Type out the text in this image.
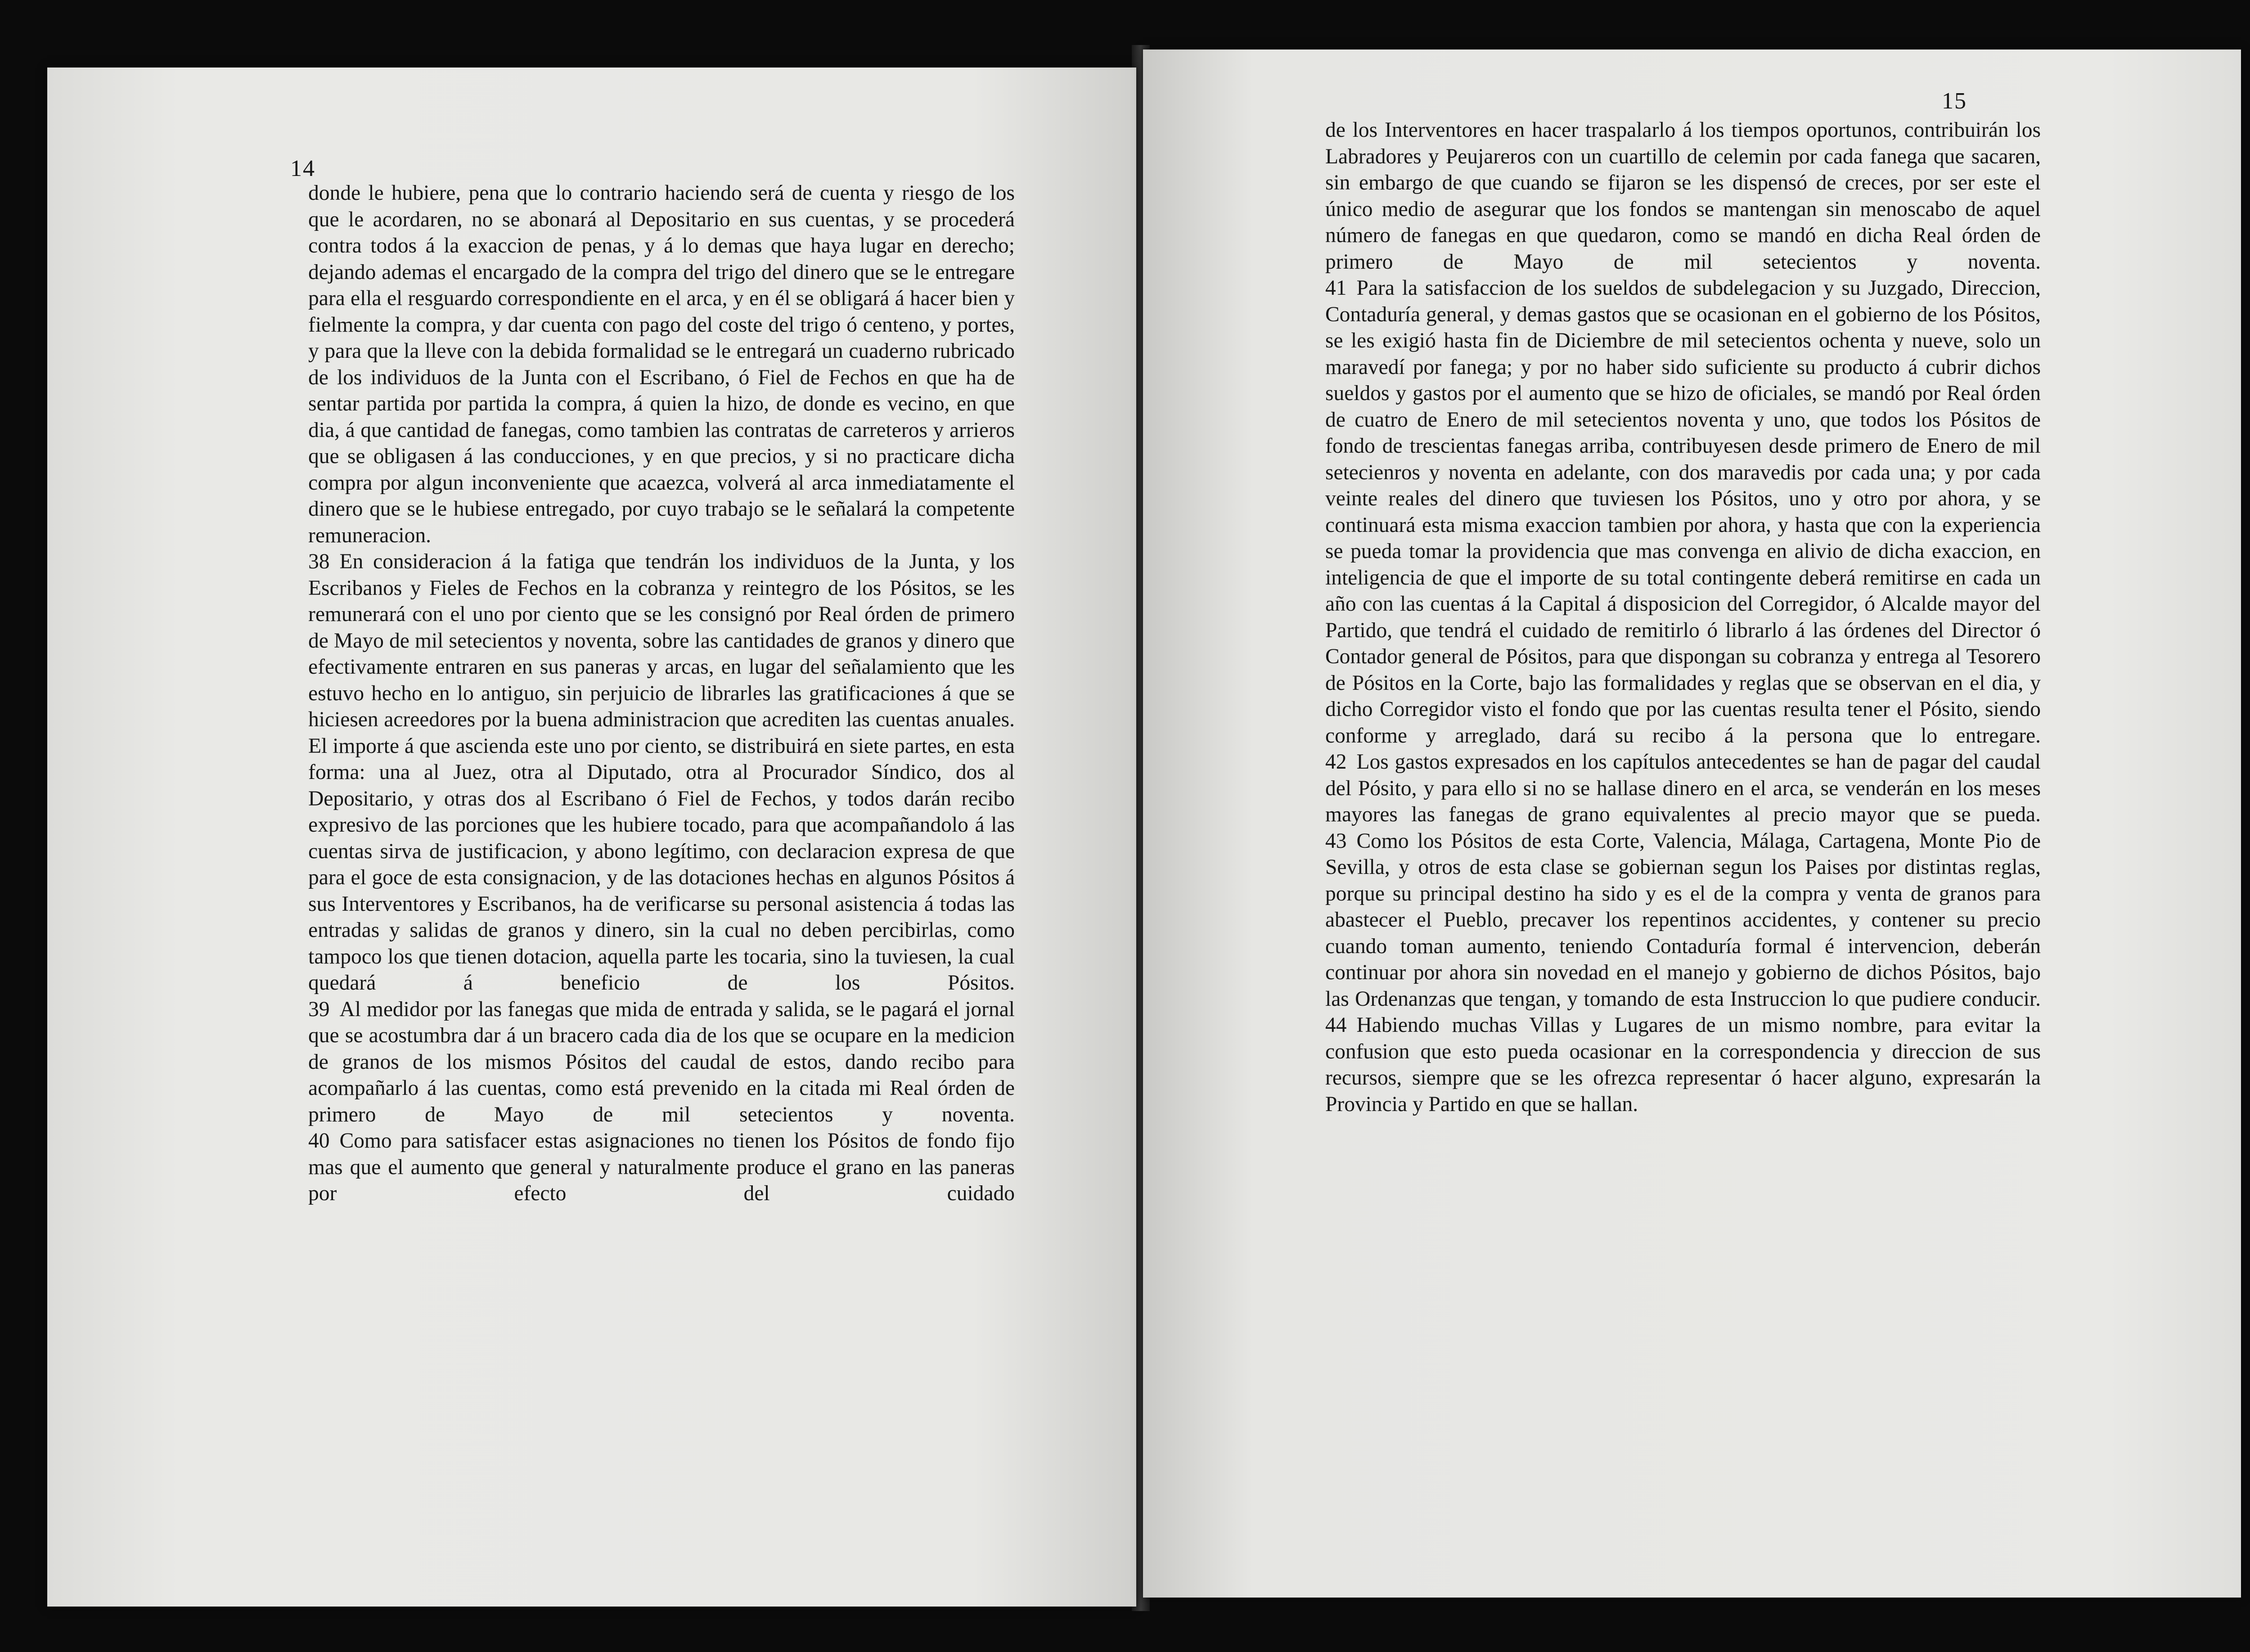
14

donde le hubiere, pena que lo contrario haciendo será de cuenta y riesgo de los que le acordaren, no se abonará al Depositario en sus cuentas, y se procederá contra todos á la exaccion de penas, y á lo demas que haya lugar en derecho; dejando ademas el encargado de la compra del trigo del dinero que se le entregare para ella el resguardo correspondiente en el arca, y en él se obligará á hacer bien y fielmente la compra, y dar cuenta con pago del coste del trigo ó centeno, y portes, y para que la lleve con la debida formalidad se le entregará un cuaderno rubricado de los individuos de la Junta con el Escribano, ó Fiel de Fechos en que ha de sentar partida por partida la compra, á quien la hizo, de donde es vecino, en que dia, á que cantidad de fanegas, como tambien las contratas de carreteros y arrieros que se obligasen á las conducciones, y en que precios, y si no practicare dicha compra por algun inconveniente que acaezca, volverá al arca inmediatamente el dinero que se le hubiese entregado, por cuyo trabajo se le señalará la competente remuneracion.

38 En consideracion á la fatiga que tendrán los individuos de la Junta, y los Escribanos y Fieles de Fechos en la cobranza y reintegro de los Pósitos, se les remunerará con el uno por ciento que se les consignó por Real órden de primero de Mayo de mil setecientos y noventa, sobre las cantidades de granos y dinero que efectivamente entraren en sus paneras y arcas, en lugar del señalamiento que les estuvo hecho en lo antiguo, sin perjuicio de librarles las gratificaciones á que se hiciesen acreedores por la buena administracion que acrediten las cuentas anuales. El importe á que ascienda este uno por ciento, se distribuirá en siete partes, en esta forma: una al Juez, otra al Diputado, otra al Procurador Síndico, dos al Depositario, y otras dos al Escribano ó Fiel de Fechos, y todos darán recibo expresivo de las porciones que les hubiere tocado, para que acompañandolo á las cuentas sirva de justificacion, y abono legítimo, con declaracion expresa de que para el goce de esta consignacion, y de las dotaciones hechas en algunos Pósitos á sus Interventores y Escribanos, ha de verificarse su personal asistencia á todas las entradas y salidas de granos y dinero, sin la cual no deben percibirlas, como tampoco los que tienen dotacion, aquella parte les tocaria, sino la tuviesen, la cual quedará á beneficio de los Pósitos.

39 Al medidor por las fanegas que mida de entrada y salida, se le pagará el jornal que se acostumbra dar á un bracero cada dia de los que se ocupare en la medicion de granos de los mismos Pósitos del caudal de estos, dando recibo para acompañarlo á las cuentas, como está prevenido en la citada mi Real órden de primero de Mayo de mil setecientos y noventa.

40 Como para satisfacer estas asignaciones no tienen los Pósitos de fondo fijo mas que el aumento que general y naturalmente produce el grano en las paneras por efecto del cuidado

15

de los Interventores en hacer traspalarlo á los tiempos oportunos, contribuirán los Labradores y Peujareros con un cuartillo de celemin por cada fanega que sacaren, sin embargo de que cuando se fijaron se les dispensó de creces, por ser este el único medio de asegurar que los fondos se mantengan sin menoscabo de aquel número de fanegas en que quedaron, como se mandó en dicha Real órden de primero de Mayo de mil setecientos y noventa.

41 Para la satisfaccion de los sueldos de subdelegacion y su Juzgado, Direccion, Contaduría general, y demas gastos que se ocasionan en el gobierno de los Pósitos, se les exigió hasta fin de Diciembre de mil setecientos ochenta y nueve, solo un maravedí por fanega; y por no haber sido suficiente su producto á cubrir dichos sueldos y gastos por el aumento que se hizo de oficiales, se mandó por Real órden de cuatro de Enero de mil setecientos noventa y uno, que todos los Pósitos de fondo de trescientas fanegas arriba, contribuyesen desde primero de Enero de mil setecienros y noventa en adelante, con dos maravedis por cada una; y por cada veinte reales del dinero que tuviesen los Pósitos, uno y otro por ahora, y se continuará esta misma exaccion tambien por ahora, y hasta que con la experiencia se pueda tomar la providencia que mas convenga en alivio de dicha exaccion, en inteligencia de que el importe de su total contingente deberá remitirse en cada un año con las cuentas á la Capital á disposicion del Corregidor, ó Alcalde mayor del Partido, que tendrá el cuidado de remitirlo ó librarlo á las órdenes del Director ó Contador general de Pósitos, para que dispongan su cobranza y entrega al Tesorero de Pósitos en la Corte, bajo las formalidades y reglas que se observan en el dia, y dicho Corregidor visto el fondo que por las cuentas resulta tener el Pósito, siendo conforme y arreglado, dará su recibo á la persona que lo entregare.

42 Los gastos expresados en los capítulos antecedentes se han de pagar del caudal del Pósito, y para ello si no se hallase dinero en el arca, se venderán en los meses mayores las fanegas de grano equivalentes al precio mayor que se pueda.

43 Como los Pósitos de esta Corte, Valencia, Málaga, Cartagena, Monte Pio de Sevilla, y otros de esta clase se gobiernan segun los Paises por distintas reglas, porque su principal destino ha sido y es el de la compra y venta de granos para abastecer el Pueblo, precaver los repentinos accidentes, y contener su precio cuando toman aumento, teniendo Contaduría formal é intervencion, deberán continuar por ahora sin novedad en el manejo y gobierno de dichos Pósitos, bajo las Ordenanzas que tengan, y tomando de esta Instruccion lo que pudiere conducir.

44 Habiendo muchas Villas y Lugares de un mismo nombre, para evitar la confusion que esto pueda ocasionar en la correspondencia y direccion de sus recursos, siempre que se les ofrezca representar ó hacer alguno, expresarán la Provincia y Partido en que se hallan.
